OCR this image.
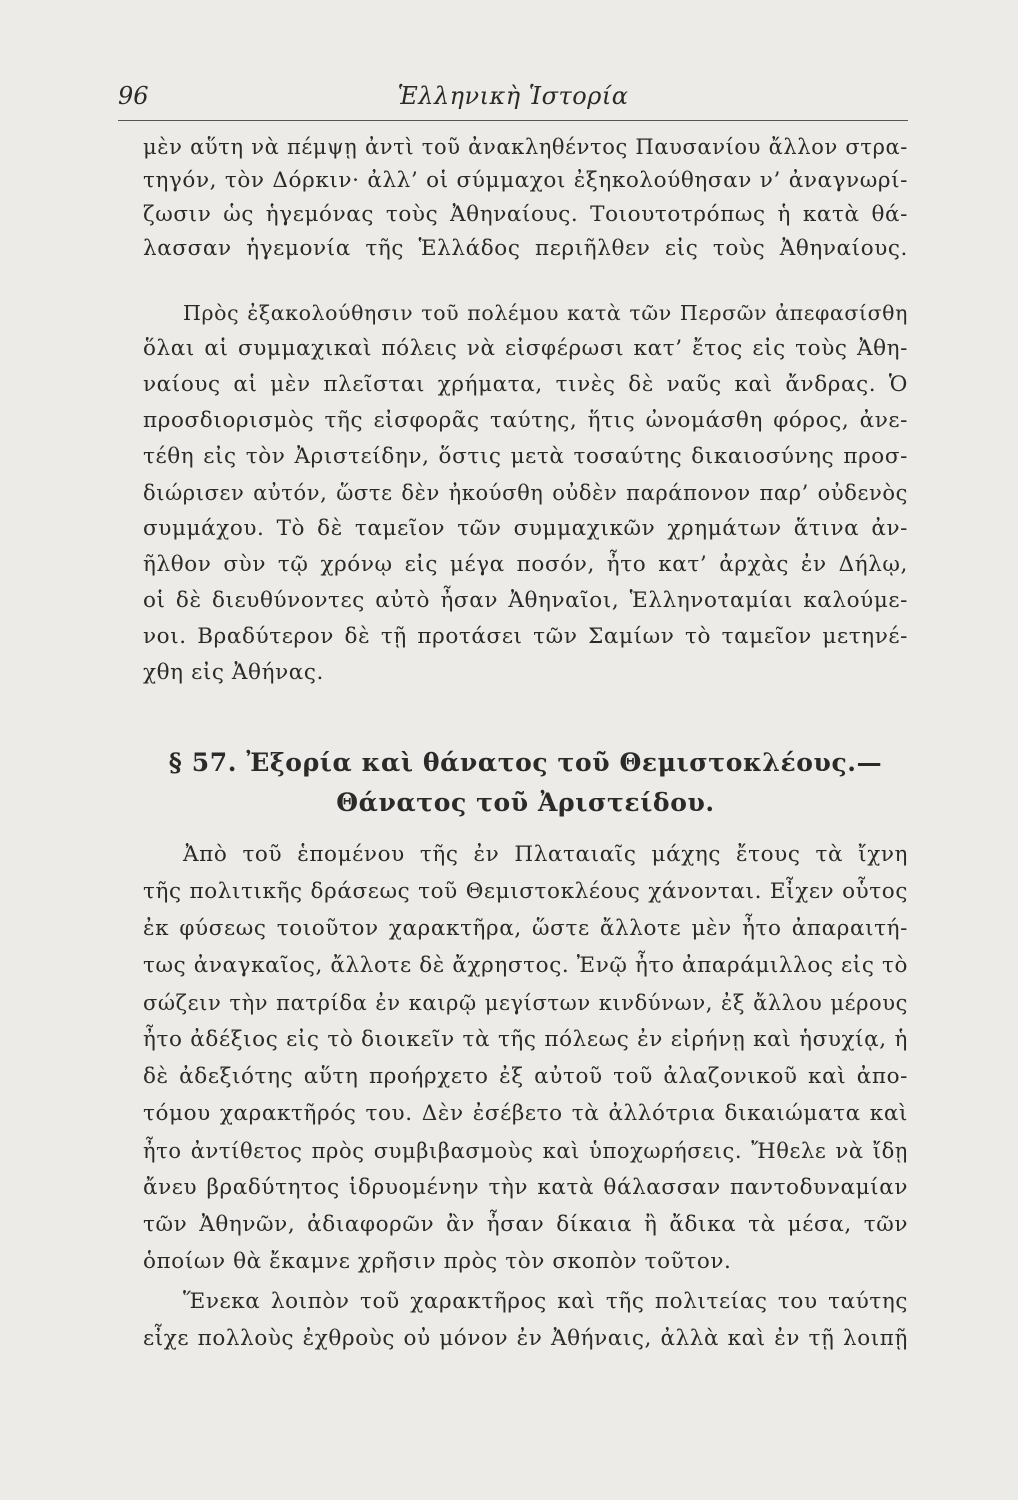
96	Ἑλληνικὴ Ἱστορία
μὲν αὕτη νὰ πέμψῃ ἀντὶ τοῦ ἀνακληθέντος Παυσανίου ἄλλον στρα-
τηγόν, τὸν Δόρκιν· ἀλλ’ οἱ σύμμαχοι ἐξηκολούθησαν ν’ ἀναγνωρί-
ζωσιν ὡς ἡγεμόνας τοὺς Ἀθηναίους. Τοιουτοτρόπως ἡ κατὰ θά-
λασσαν ἡγεμονία τῆς Ἑλλάδος περιῆλθεν εἰς τοὺς Ἀθηναίους.
Πρὸς ἐξακολούθησιν τοῦ πολέμου κατὰ τῶν Περσῶν ἀπεφασίσθη
ὅλαι αἱ συμμαχικαὶ πόλεις νὰ εἰσφέρωσι κατ’ ἔτος εἰς τοὺς Ἀθη-
ναίους αἱ μὲν πλεῖσται χρήματα, τινὲς δὲ ναῦς καὶ ἄνδρας. Ὁ
προσδιορισμὸς τῆς εἰσφορᾶς ταύτης, ἥτις ὠνομάσθη φόρος, ἀνε-
τέθη εἰς τὸν Ἀριστείδην, ὅστις μετὰ τοσαύτης δικαιοσύνης προσ-
διώρισεν αὐτόν, ὥστε δὲν ἠκούσθη οὐδὲν παράπονον παρ’ οὐδενὸς
συμμάχου. Τὸ δὲ ταμεῖον τῶν συμμαχικῶν χρημάτων ἅτινα ἀν-
ῆλθον σὺν τῷ χρόνῳ εἰς μέγα ποσόν, ἦτο κατ’ ἀρχὰς ἐν Δήλῳ,
οἱ δὲ διευθύνοντες αὐτὸ ἦσαν Ἀθηναῖοι, Ἑλληνοταμίαι καλούμε-
νοι. Βραδύτερον δὲ τῇ προτάσει τῶν Σαμίων τὸ ταμεῖον μετηνέ-
χθη εἰς Ἀθήνας.
§ 57. Ἐξορία καὶ θάνατος τοῦ Θεμιστοκλέους.—
Θάνατος τοῦ Ἀριστείδου.
Ἀπὸ τοῦ ἑπομένου τῆς ἐν Πλαταιαῖς μάχης ἔτους τὰ ἴχνη
τῆς πολιτικῆς δράσεως τοῦ Θεμιστοκλέους χάνονται. Εἶχεν οὗτος
ἐκ φύσεως τοιοῦτον χαρακτῆρα, ὥστε ἄλλοτε μὲν ἦτο ἀπαραιτή-
τως ἀναγκαῖος, ἄλλοτε δὲ ἄχρηστος. Ἐνῷ ἦτο ἀπαράμιλλος εἰς τὸ
σώζειν τὴν πατρίδα ἐν καιρῷ μεγίστων κινδύνων, ἐξ ἄλλου μέρους
ἦτο ἀδέξιος εἰς τὸ διοικεῖν τὰ τῆς πόλεως ἐν εἰρήνῃ καὶ ἡσυχίᾳ, ἡ
δὲ ἀδεξιότης αὕτη προήρχετο ἐξ αὐτοῦ τοῦ ἀλαζονικοῦ καὶ ἀπο-
τόμου χαρακτῆρός του. Δὲν ἐσέβετο τὰ ἀλλότρια δικαιώματα καὶ
ἦτο ἀντίθετος πρὸς συμβιβασμοὺς καὶ ὑποχωρήσεις. Ἤθελε νὰ ἴδῃ
ἄνευ βραδύτητος ἱδρυομένην τὴν κατὰ θάλασσαν παντοδυναμίαν
τῶν Ἀθηνῶν, ἀδιαφορῶν ἂν ἦσαν δίκαια ἢ ἄδικα τὰ μέσα, τῶν
ὁποίων θὰ ἔκαμνε χρῆσιν πρὸς τὸν σκοπὸν τοῦτον.
Ἕνεκα λοιπὸν τοῦ χαρακτῆρος καὶ τῆς πολιτείας του ταύτης
εἶχε πολλοὺς ἐχθροὺς οὐ μόνον ἐν Ἀθήναις, ἀλλὰ καὶ ἐν τῇ λοιπῇ
